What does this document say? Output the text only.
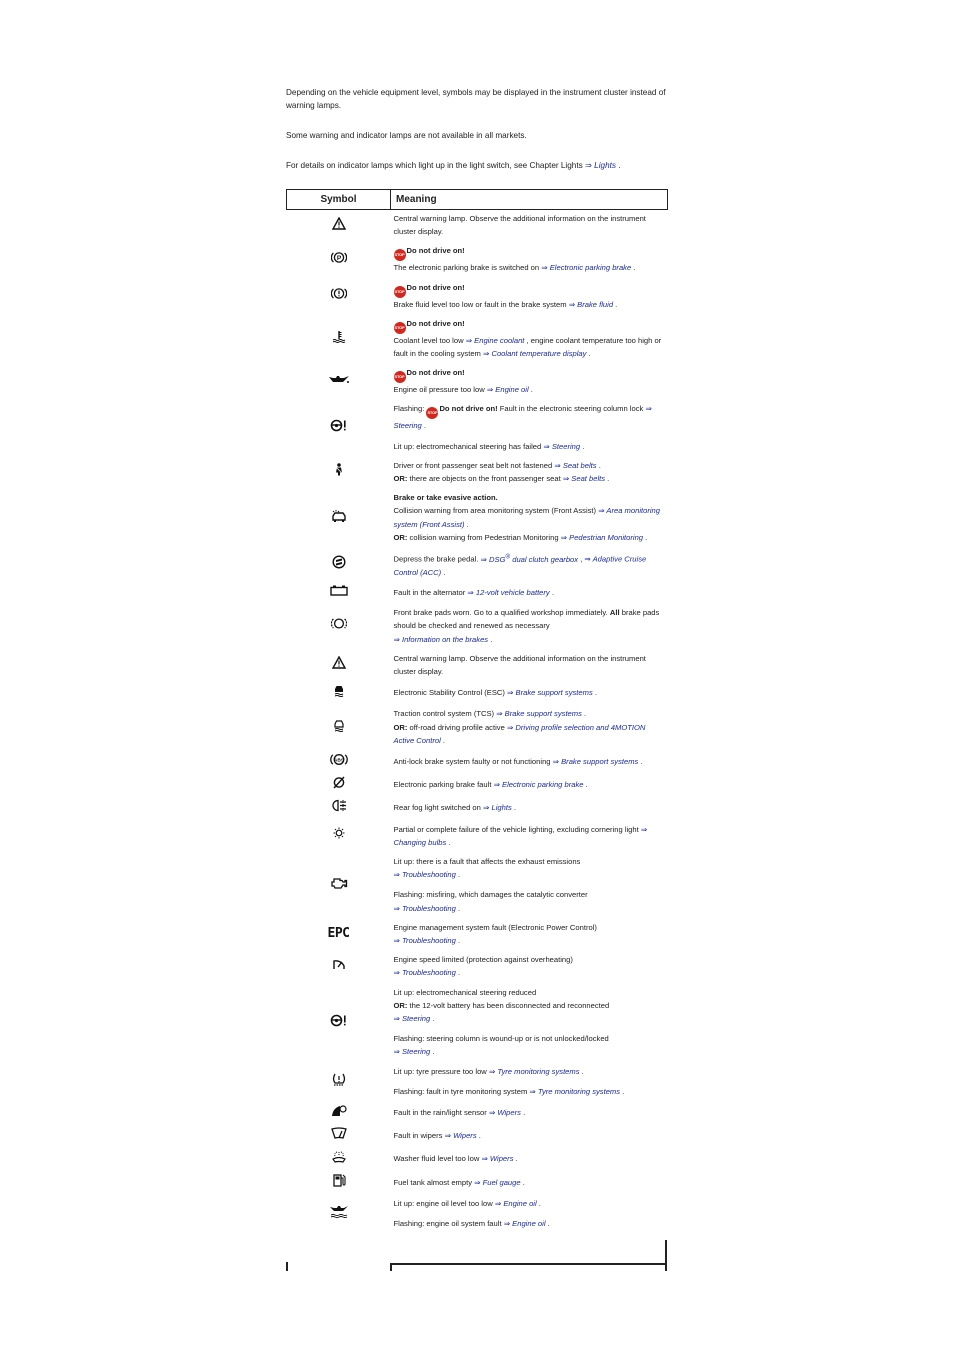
Depending on the vehicle equipment level, symbols may be displayed in the instrument cluster instead of warning lamps.

Some warning and indicator lamps are not available in all markets.

For details on indicator lamps which light up in the light switch, see Chapter Lights ⇒ Lights .

Symbol	Meaning

	Central warning lamp. Observe the additional information on the instrument cluster display.

P	STOP Do not drive on!
The electronic parking brake is switched on ⇒ Electronic parking brake .

	STOP Do not drive on!
Brake fluid level too low or fault in the brake system ⇒ Brake fluid .

	STOP Do not drive on!
Coolant level too low ⇒ Engine coolant , engine coolant temperature too high or fault in the cooling system ⇒ Coolant temperature display .

	STOP Do not drive on!
Engine oil pressure too low ⇒ Engine oil .

	Flashing: STOP Do not drive on! Fault in the electronic steering column lock ⇒ Steering .
Lit up: electromechanical steering has failed ⇒ Steering .

	Driver or front passenger seat belt not fastened ⇒ Seat belts .
OR: there are objects on the front passenger seat ⇒ Seat belts .

	Brake or take evasive action.
Collision warning from area monitoring system (Front Assist) ⇒ Area monitoring system (Front Assist) .
OR: collision warning from Pedestrian Monitoring ⇒ Pedestrian Monitoring .

	Depress the brake pedal. ⇒ DSG® dual clutch gearbox , ⇒ Adaptive Cruise Control (ACC) .

	Fault in the alternator ⇒ 12-volt vehicle battery .

	Front brake pads worn. Go to a qualified workshop immediately. All brake pads should be checked and renewed as necessary
⇒ Information on the brakes .

	Central warning lamp. Observe the additional information on the instrument cluster display.

	Electronic Stability Control (ESC) ⇒ Brake support systems .

	Traction control system (TCS) ⇒ Brake support systems .
OR: off-road driving profile active ⇒ Driving profile selection and 4MOTION Active Control .

ABS	Anti-lock brake system faulty or not functioning ⇒ Brake support systems .

	Electronic parking brake fault ⇒ Electronic parking brake .

	Rear fog light switched on ⇒ Lights .

	Partial or complete failure of the vehicle lighting, excluding cornering light ⇒ Changing bulbs .

	Lit up: there is a fault that affects the exhaust emissions
⇒ Troubleshooting .
Flashing: misfiring, which damages the catalytic converter
⇒ Troubleshooting .

EPC	Engine management system fault (Electronic Power Control)
⇒ Troubleshooting .

	Engine speed limited (protection against overheating)
⇒ Troubleshooting .

	Lit up: electromechanical steering reduced
OR: the 12-volt battery has been disconnected and reconnected
⇒ Steering .
Flashing: steering column is wound-up or is not unlocked/locked
⇒ Steering .

	Lit up: tyre pressure too low ⇒ Tyre monitoring systems .
Flashing: fault in tyre monitoring system ⇒ Tyre monitoring systems .

	Fault in the rain/light sensor ⇒ Wipers .

	Fault in wipers ⇒ Wipers .

	Washer fluid level too low ⇒ Wipers .

	Fuel tank almost empty ⇒ Fuel gauge .

	Lit up: engine oil level too low ⇒ Engine oil .
Flashing: engine oil system fault ⇒ Engine oil .
